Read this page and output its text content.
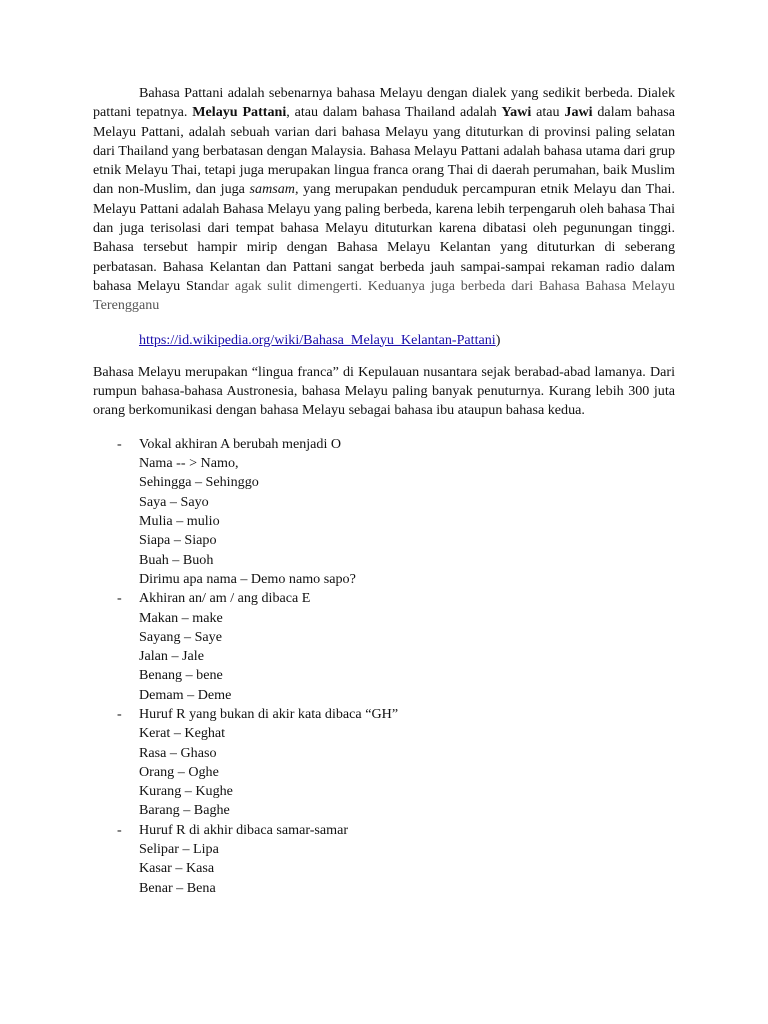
Bahasa Pattani adalah sebenarnya bahasa Melayu dengan dialek yang sedikit berbeda. Dialek pattani tepatnya. Melayu Pattani, atau dalam bahasa Thailand adalah Yawi atau Jawi dalam bahasa Melayu Pattani, adalah sebuah varian dari bahasa Melayu yang dituturkan di provinsi paling selatan dari Thailand yang berbatasan dengan Malaysia. Bahasa Melayu Pattani adalah bahasa utama dari grup etnik Melayu Thai, tetapi juga merupakan lingua franca orang Thai di daerah perumahan, baik Muslim dan non-Muslim, dan juga samsam, yang merupakan penduduk percampuran etnik Melayu dan Thai. Melayu Pattani adalah Bahasa Melayu yang paling berbeda, karena lebih terpengaruh oleh bahasa Thai dan juga terisolasi dari tempat bahasa Melayu dituturkan karena dibatasi oleh pegunungan tinggi. Bahasa tersebut hampir mirip dengan Bahasa Melayu Kelantan yang dituturkan di seberang perbatasan. Bahasa Kelantan dan Pattani sangat berbeda jauh sampai-sampai rekaman radio dalam bahasa Melayu Standar agak sulit dimengerti. Keduanya juga berbeda dari Bahasa Bahasa Melayu Terengganu

https://id.wikipedia.org/wiki/Bahasa_Melayu_Kelantan-Pattani)

Bahasa Melayu merupakan “lingua franca” di Kepulauan nusantara sejak berabad-abad lamanya. Dari rumpun bahasa-bahasa Austronesia, bahasa Melayu paling banyak penuturnya. Kurang lebih 300 juta orang berkomunikasi dengan bahasa Melayu sebagai bahasa ibu ataupun bahasa kedua.

-	Vokal akhiran A berubah menjadi O
Nama -- > Namo,
Sehingga – Sehinggo
Saya – Sayo
Mulia – mulio
Siapa – Siapo
Buah – Buoh
Dirimu apa nama – Demo namo sapo?
-	Akhiran an/ am / ang dibaca E
Makan – make
Sayang – Saye
Jalan – Jale
Benang – bene
Demam – Deme
-	Huruf R yang bukan di akir kata dibaca “GH”
Kerat – Keghat
Rasa – Ghaso
Orang – Oghe
Kurang – Kughe
Barang – Baghe
-	Huruf R di akhir dibaca samar-samar
Selipar – Lipa
Kasar – Kasa
Benar – Bena
